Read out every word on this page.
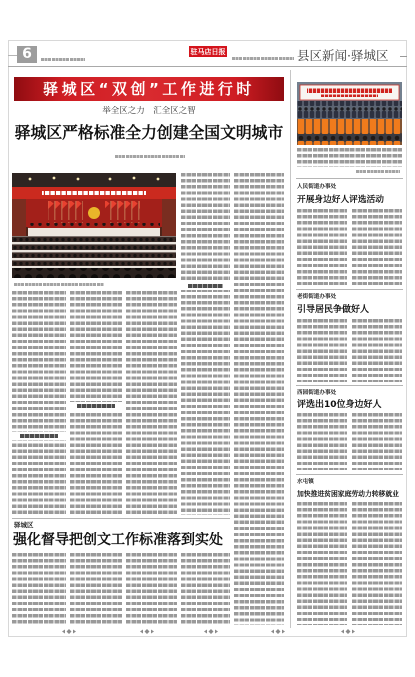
6	驻马店日报	县区新闻·驿城区
驿城区“双创”工作进行时
举全区之力　汇全区之智
驿城区严格标准全力创建全国文明城市
驿城区
强化督导把创文工作标准落到实处
人民街道办事处
开展身边好人评选活动
老街街道办事处
引导居民争做好人
西园街道办事处
评选出10位身边好人
水屯镇
加快推进贫困家庭劳动力转移就业
